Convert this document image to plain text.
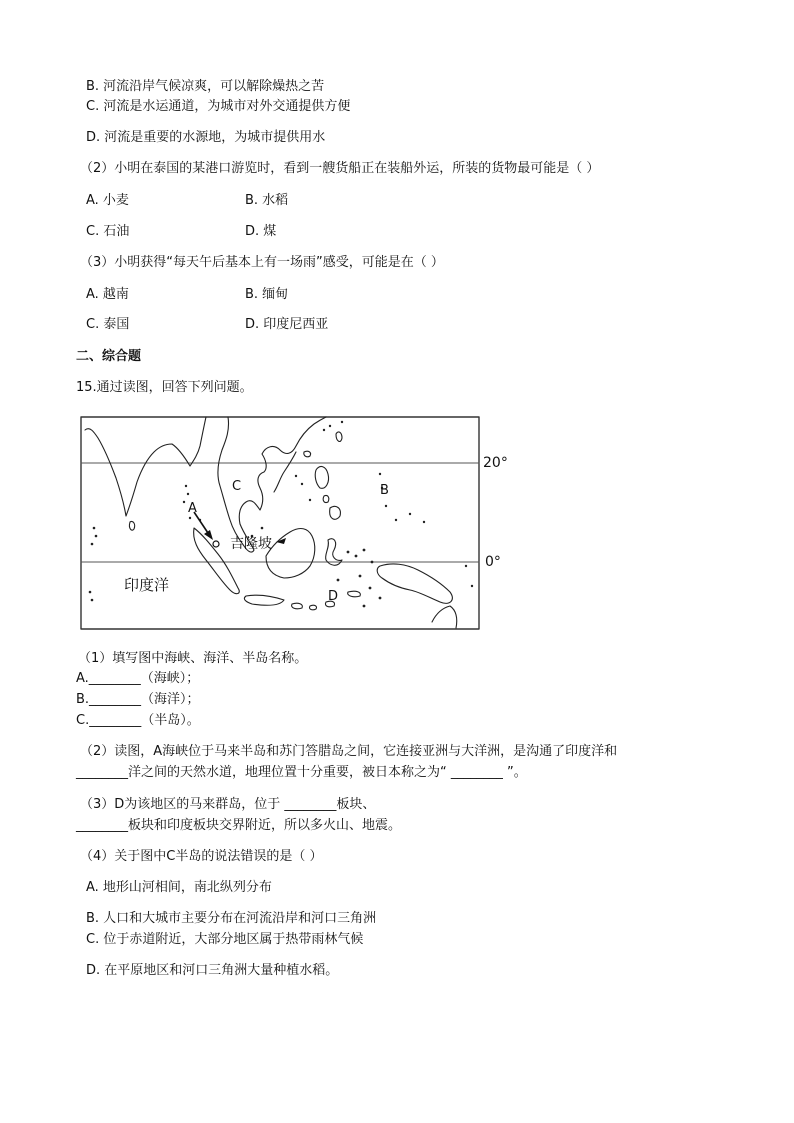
B. 河流沿岸气候凉爽，可以解除燥热之苦
C. 河流是水运通道，为城市对外交通提供方便
D. 河流是重要的水源地，为城市提供用水
（2）小明在泰国的某港口游览时，看到一艘货船正在装船外运，所装的货物最可能是（ ）
A. 小麦	B. 水稻
C. 石油	D. 煤
（3）小明获得“每天午后基本上有一场雨”感受，可能是在（ ）
A. 越南	B. 缅甸
C. 泰国	D. 印度尼西亚
二、综合题
15.通过读图，回答下列问题。
A
C	B
D
吉隆坡
印度洋
20°
0°
（1）填写图中海峡、海洋、半岛名称。
A.________（海峡）；
B.________（海洋）；
C.________（半岛）。
（2）读图，A海峡位于马来半岛和苏门答腊岛之间，它连接亚洲与大洋洲，是沟通了印度洋和
________洋之间的天然水道，地理位置十分重要，被日本称之为“ ________ ”。
（3）D为该地区的马来群岛，位于 ________板块、
________板块和印度板块交界附近，所以多火山、地震。
（4）关于图中C半岛的说法错误的是（ ）
A. 地形山河相间，南北纵列分布
B. 人口和大城市主要分布在河流沿岸和河口三角洲
C. 位于赤道附近，大部分地区属于热带雨林气候
D. 在平原地区和河口三角洲大量种植水稻。
